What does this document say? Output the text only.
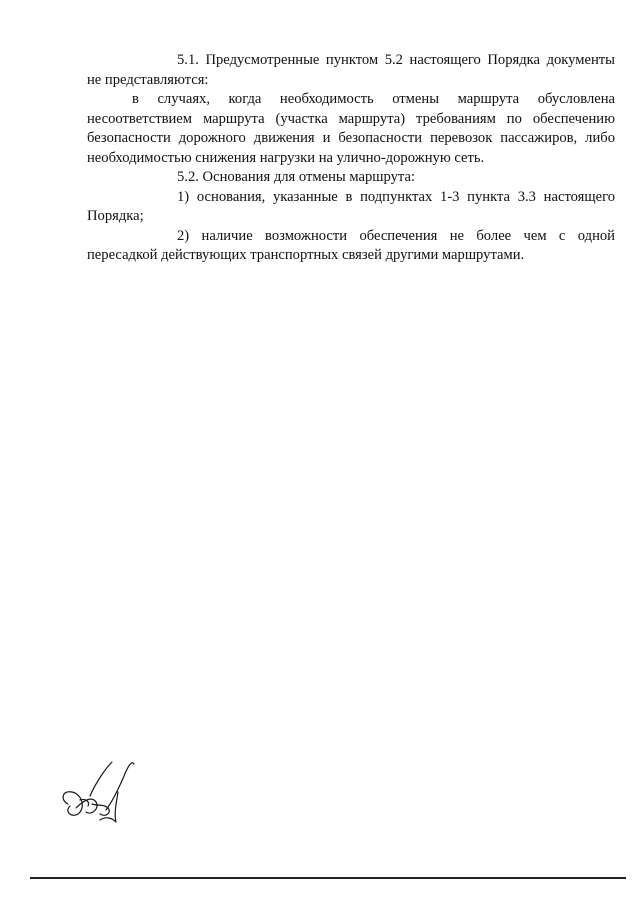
5.1. Предусмотренные пунктом 5.2 настоящего Порядка документы не представляются:

в случаях, когда необходимость отмены маршрута обусловлена несоответствием маршрута (участка маршрута) требованиям по обеспечению безопасности дорожного движения и безопасности перевозок пассажиров, либо необходимостью снижения нагрузки на улично-дорожную сеть.

5.2. Основания для отмены маршрута:

1) основания, указанные в подпунктах 1-3 пункта 3.3 настоящего Порядка;

2) наличие возможности обеспечения не более чем с одной пересадкой действующих транспортных связей другими маршрутами.
